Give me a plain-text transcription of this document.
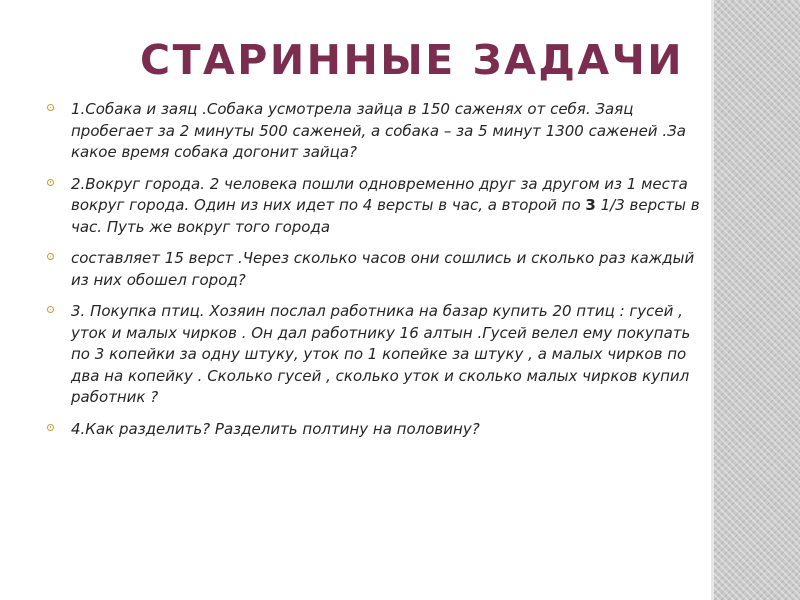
СТАРИННЫЕ ЗАДАЧИ
1.Собака и заяц .Собака усмотрела зайца в 150 саженях от себя. Заяц пробегает за 2 минуты 500 саженей, а собака – за 5 минут 1300 саженей .За какое время собака догонит зайца?
2.Вокруг города. 2 человека пошли одновременно друг за другом из 1 места вокруг города. Один из них идет по 4 версты в час, а второй по 3 1/3 версты в час. Путь же вокруг того города
составляет 15 верст .Через сколько часов они сошлись и сколько раз каждый из них обошел город?
3. Покупка птиц. Хозяин послал работника на базар купить 20 птиц : гусей , уток и малых чирков . Он дал работнику 16 алтын .Гусей велел ему покупать по 3 копейки за одну штуку, уток по 1 копейке за штуку , а малых чирков по два на копейку . Сколько гусей , сколько уток и сколько малых чирков купил работник ?
4.Как разделить? Разделить полтину на половину?
